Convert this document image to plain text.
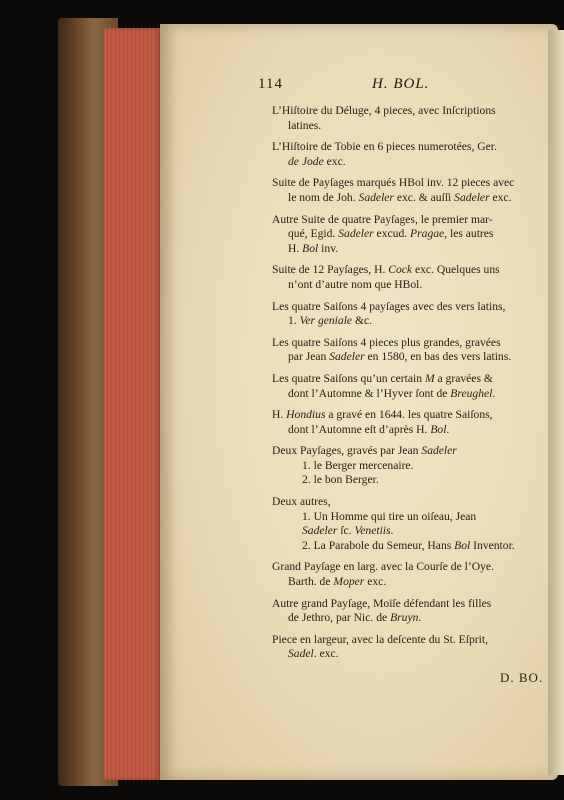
114	H. BOL.
L’Hiſtoire du Déluge, 4 pieces, avec Inſcriptions
latines.
L’Hiſtoire de Tobie en 6 pieces numerotées, Ger.
de Jode exc.
Suite de Payſages marqués HBol inv. 12 pieces avec
le nom de Joh. Sadeler exc. & auſſi Sadeler exc.
Autre Suite de quatre Payſages, le premier mar-
qué, Egid. Sadeler excud. Pragae, les autres
H. Bol inv.
Suite de 12 Payſages, H. Cock exc. Quelques uns
n’ont d’autre nom que HBol.
Les quatre Saiſons 4 payſages avec des vers latins,
1. Ver geniale &c.
Les quatre Saiſons 4 pieces plus grandes, gravées
par Jean Sadeler en 1580, en bas des vers latins.
Les quatre Saiſons qu’un certain M a gravées &
dont l’Automne & l’Hyver ſont de Breughel.
H. Hondius a gravé en 1644. les quatre Saiſons,
dont l’Automne eſt d’après H. Bol.
Deux Payſages, gravés par Jean Sadeler
1. le Berger mercenaire.
2. le bon Berger.
Deux autres,
1. Un Homme qui tire un oiſeau, Jean
Sadeler ſc. Venetiis.
2. La Parabole du Semeur, Hans Bol Inventor.
Grand Payſage en larg. avec la Courſe de l’Oye.
Barth. de Moper exc.
Autre grand Payſage, Moïſe défendant les filles
de Jethro, par Nic. de Bruyn.
Piece en largeur, avec la deſcente du St. Eſprit,
Sadel. exc.
D. BO.
